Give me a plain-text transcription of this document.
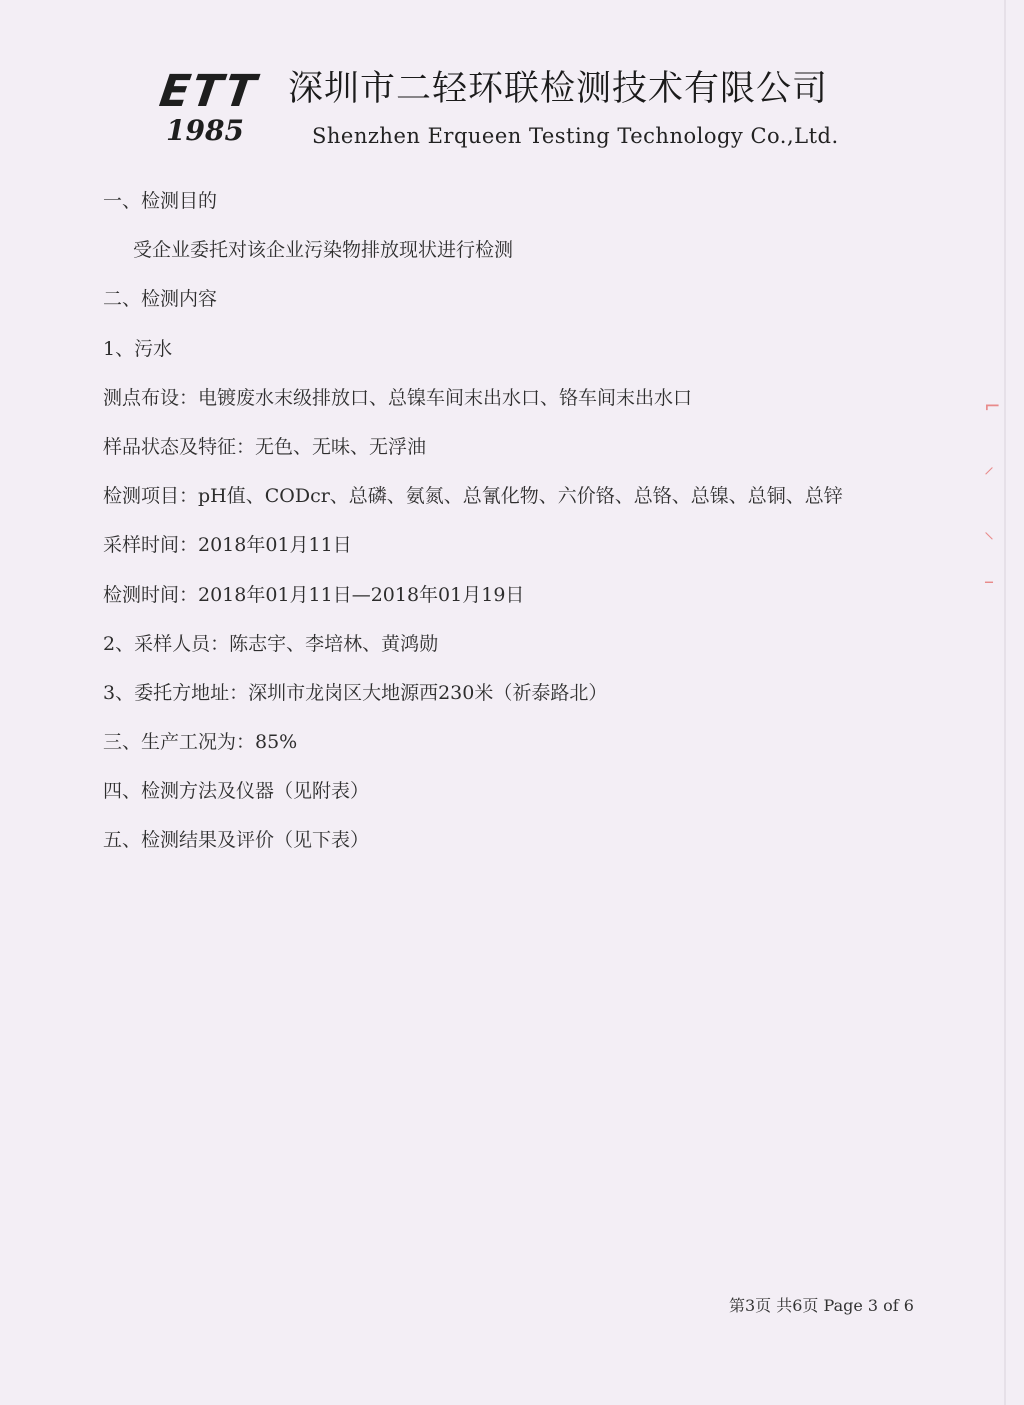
ETT
1985
深圳市二轻环联检测技术有限公司
Shenzhen Erqueen Testing Technology Co.,Ltd.
一、检测目的
受企业委托对该企业污染物排放现状进行检测
二、检测内容
1、污水
测点布设：电镀废水末级排放口、总镍车间末出水口、铬车间末出水口
样品状态及特征：无色、无味、无浮油
检测项目：pH值、CODcr、总磷、氨氮、总氰化物、六价铬、总铬、总镍、总铜、总锌
采样时间：2018年01月11日
检测时间：2018年01月11日—2018年01月19日
2、采样人员：陈志宇、李培林、黄鸿勋
3、委托方地址：深圳市龙岗区大地源西230米（祈泰路北）
三、生产工况为：85%
四、检测方法及仪器（见附表）
五、检测结果及评价（见下表）
第3页 共6页 Page 3 of 6
⌐
⸝
⸜
–
